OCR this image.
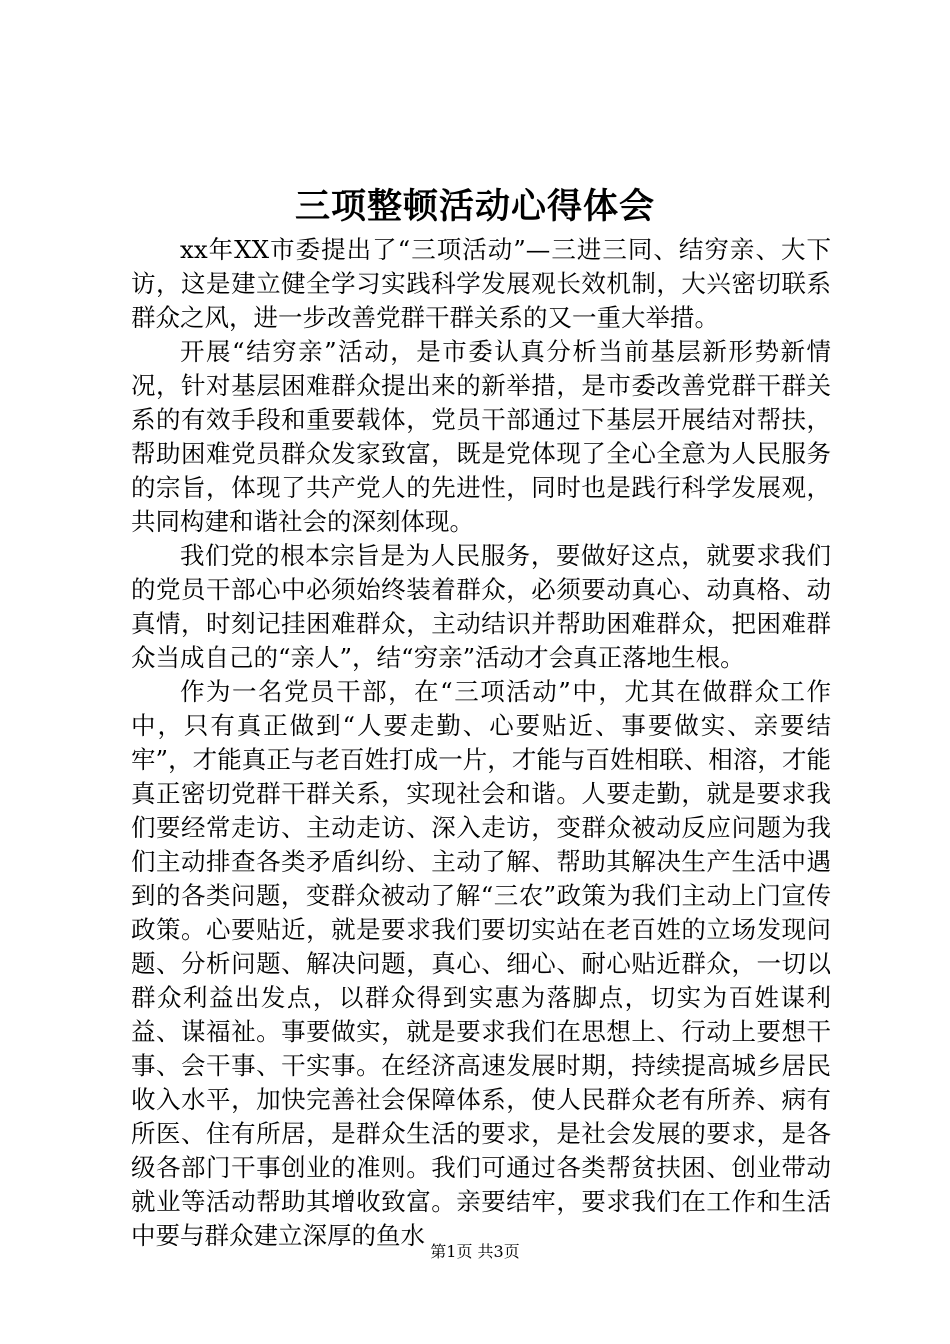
三项整顿活动心得体会

xx年XX市委提出了“三项活动”—三进三同、结穷亲、大下访，这是建立健全学习实践科学发展观长效机制，大兴密切联系群众之风，进一步改善党群干群关系的又一重大举措。

开展“结穷亲”活动，是市委认真分析当前基层新形势新情况，针对基层困难群众提出来的新举措，是市委改善党群干群关系的有效手段和重要载体，党员干部通过下基层开展结对帮扶，帮助困难党员群众发家致富，既是党体现了全心全意为人民服务的宗旨，体现了共产党人的先进性，同时也是践行科学发展观，共同构建和谐社会的深刻体现。

我们党的根本宗旨是为人民服务，要做好这点，就要求我们的党员干部心中必须始终装着群众，必须要动真心、动真格、动真情，时刻记挂困难群众，主动结识并帮助困难群众，把困难群众当成自己的“亲人”，结“穷亲”活动才会真正落地生根。

作为一名党员干部，在“三项活动”中，尤其在做群众工作中，只有真正做到“人要走勤、心要贴近、事要做实、亲要结牢”，才能真正与老百姓打成一片，才能与百姓相联、相溶，才能真正密切党群干群关系，实现社会和谐。人要走勤，就是要求我们要经常走访、主动走访、深入走访，变群众被动反应问题为我们主动排查各类矛盾纠纷、主动了解、帮助其解决生产生活中遇到的各类问题，变群众被动了解“三农”政策为我们主动上门宣传政策。心要贴近，就是要求我们要切实站在老百姓的立场发现问题、分析问题、解决问题，真心、细心、耐心贴近群众，一切以群众利益出发点，以群众得到实惠为落脚点，切实为百姓谋利益、谋福祉。事要做实，就是要求我们在思想上、行动上要想干事、会干事、干实事。在经济高速发展时期，持续提高城乡居民收入水平，加快完善社会保障体系，使人民群众老有所养、病有所医、住有所居，是群众生活的要求，是社会发展的要求，是各级各部门干事创业的准则。我们可通过各类帮贫扶困、创业带动就业等活动帮助其增收致富。亲要结牢，要求我们在工作和生活中要与群众建立深厚的鱼水

第1页 共3页
